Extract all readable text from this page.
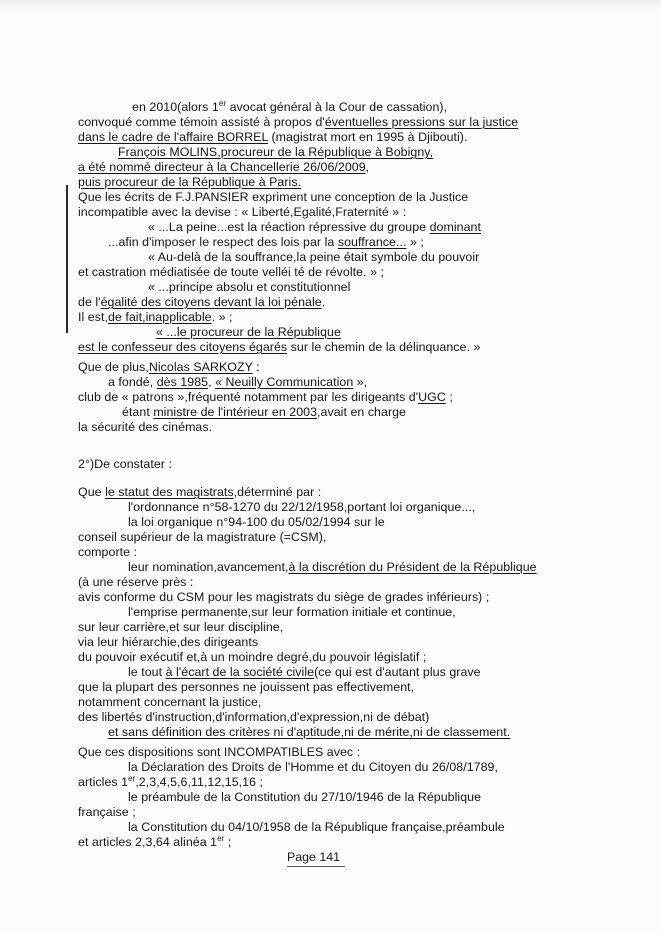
en 2010(alors 1er avocat général à la Cour de cassation),
convoqué comme témoin assisté à propos d'éventuelles pressions sur la justice
dans le cadre de l'affaire BORREL (magistrat mort en 1995 à Djibouti).
François MOLINS,procureur de la République à Bobigny,
a été nommé directeur à la Chancellerie 26/06/2009,
puis procureur de la République à Paris.
Que les écrits de F.J.PANSIER expriment une conception de la Justice
incompatible avec la devise : « Liberté,Egalité,Fraternité » :
« ...La peine...est la réaction répressive du groupe dominant
...afin d'imposer le respect des lois par la souffrance... » ;
« Au-delà de la souffrance,la peine était symbole du pouvoir
et castration médiatisée de toute velléi té de révolte. » ;
« ...principe absolu et constitutionnel
de l'égalité des citoyens devant la loi pénale.
Il est,de fait,inapplicable. » ;
« ...le procureur de la République
est le confesseur des citoyens égarés sur le chemin de la délinquance. »
Que de plus,Nicolas SARKOZY :
a fondé, dès 1985, « Neuilly Communication »,
club de « patrons »,fréquenté notamment par les dirigeants d'UGC ;
étant ministre de l'intérieur en 2003,avait en charge
la sécurité des cinémas.
2°)De constater :
Que le statut des magistrats,déterminé par :
l'ordonnance n°58-1270 du 22/12/1958,portant loi organique...,
la loi organique n°94-100 du 05/02/1994 sur le
conseil supérieur de la magistrature (=CSM),
comporte :
leur nomination,avancement,à la discrétion du Président de la République
(à une réserve près :
avis conforme du CSM pour les magistrats du siège de grades inférieurs) ;
l'emprise permanente,sur leur formation initiale et continue,
sur leur carrière,et sur leur discipline,
via leur hiérarchie,des dirigeants
du pouvoir exécutif et,à un moindre degré,du pouvoir législatif ;
le tout à l'écart de la société civile(ce qui est d'autant plus grave
que la plupart des personnes ne jouissent pas effectivement,
notamment concernant la justice,
des libertés d'instruction,d'information,d'expression,ni de débat)
et sans définition des critères ni d'aptitude,ni de mérite,ni de classement.
Que ces dispositions sont INCOMPATIBLES avec :
la Déclaration des Droits de l'Homme et du Citoyen du 26/08/1789,
articles 1er,2,3,4,5,6,11,12,15,16 ;
le préambule de la Constitution du 27/10/1946 de la République
française ;
la Constitution du 04/10/1958 de la République française,préambule
et articles 2,3,64 alinéa 1er ;
Page 141
